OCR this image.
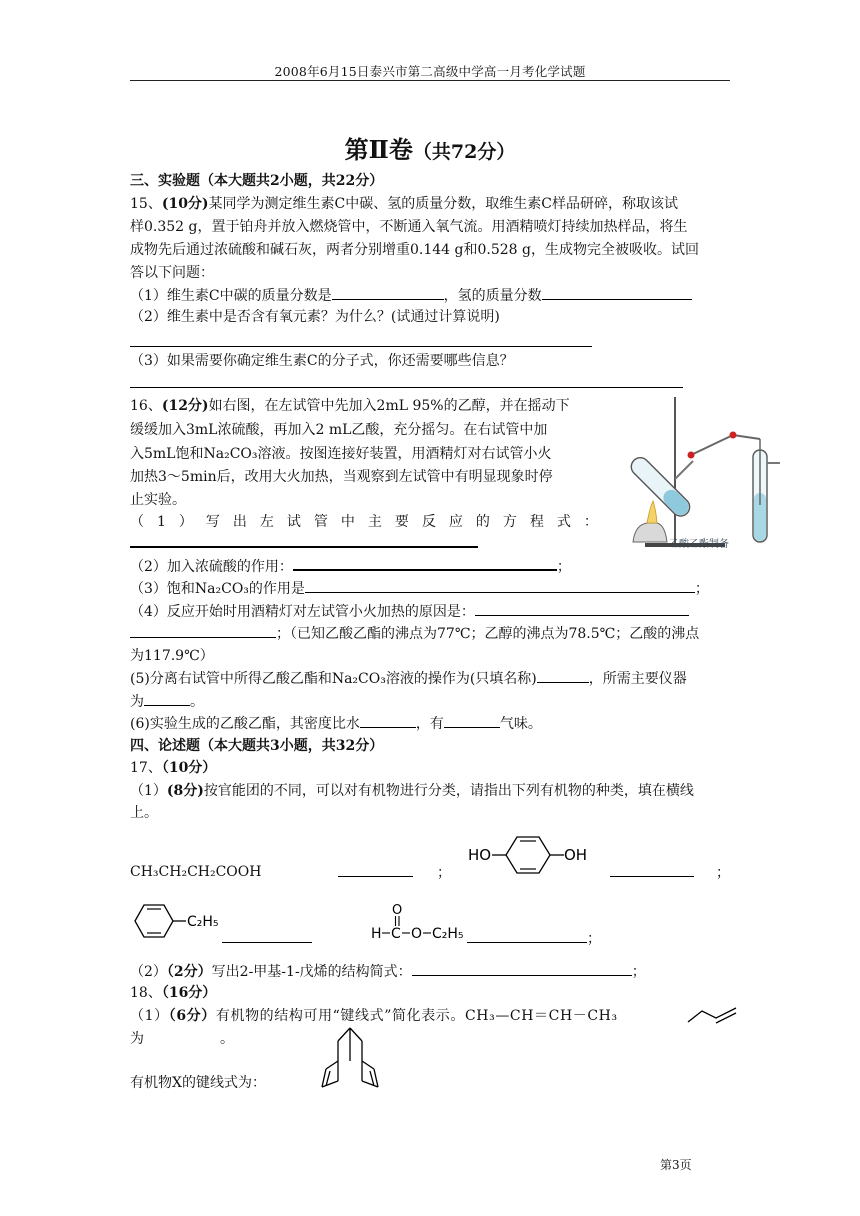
2008年6月15日泰兴市第二高级中学高一月考化学试题
第Ⅱ卷（共72分）
三、实验题（本大题共2小题，共22分）
15、(10分)某同学为测定维生素C中碳、氢的质量分数，取维生素C样品研碎，称取该试
样0.352 g，置于铂舟并放入燃烧管中，不断通入氧气流。用酒精喷灯持续加热样品，将生
成物先后通过浓硫酸和碱石灰，两者分别增重0.144 g和0.528 g，生成物完全被吸收。试回
答以下问题：
（1）维生素C中碳的质量分数是	，氢的质量分数
（2）维生素中是否含有氧元素？为什么？(试通过计算说明)
（3）如果需要你确定维生素C的分子式，你还需要哪些信息？
16、(12分)如右图，在左试管中先加入2mL 95%的乙醇，并在摇动下
缓缓加入3mL浓硫酸，再加入2 mL乙酸，充分摇匀。在右试管中加
入5mL饱和Na₂CO₃溶液。按图连接好装置，用酒精灯对右试管小火
加热3～5min后，改用大火加热，当观察到左试管中有明显现象时停
止实验。
（1）写出左试管中主要反应的方程式：
乙酸乙酯制备
（2）加入浓硫酸的作用：	；
（3）饱和Na₂CO₃的作用是	；
（4）反应开始时用酒精灯对左试管小火加热的原因是：
；（已知乙酸乙酯的沸点为77℃；乙醇的沸点为78.5℃；乙酸的沸点
为117.9℃）
(5)分离右试管中所得乙酸乙酯和Na₂CO₃溶液的操作为(只填名称)	，所需主要仪器
为	。
(6)实验生成的乙酸乙酯，其密度比水	，有	气味。
四、论述题（本大题共3小题，共32分）
17、（10分）
（1）(8分)按官能团的不同，可以对有机物进行分类，请指出下列有机物的种类，填在横线
上。
CH₃CH₂CH₂COOH	；
HO	OH
；
C₂H₅
O
H C O C₂H₅	；
（2）（2分）写出2-甲基-1-戊烯的结构简式：	；
18、（16分）
（1）（6分）有机物的结构可用“键线式”简化表示。CH₃—CH＝CH－CH₃
为	。
有机物X的键线式为：
第3页
